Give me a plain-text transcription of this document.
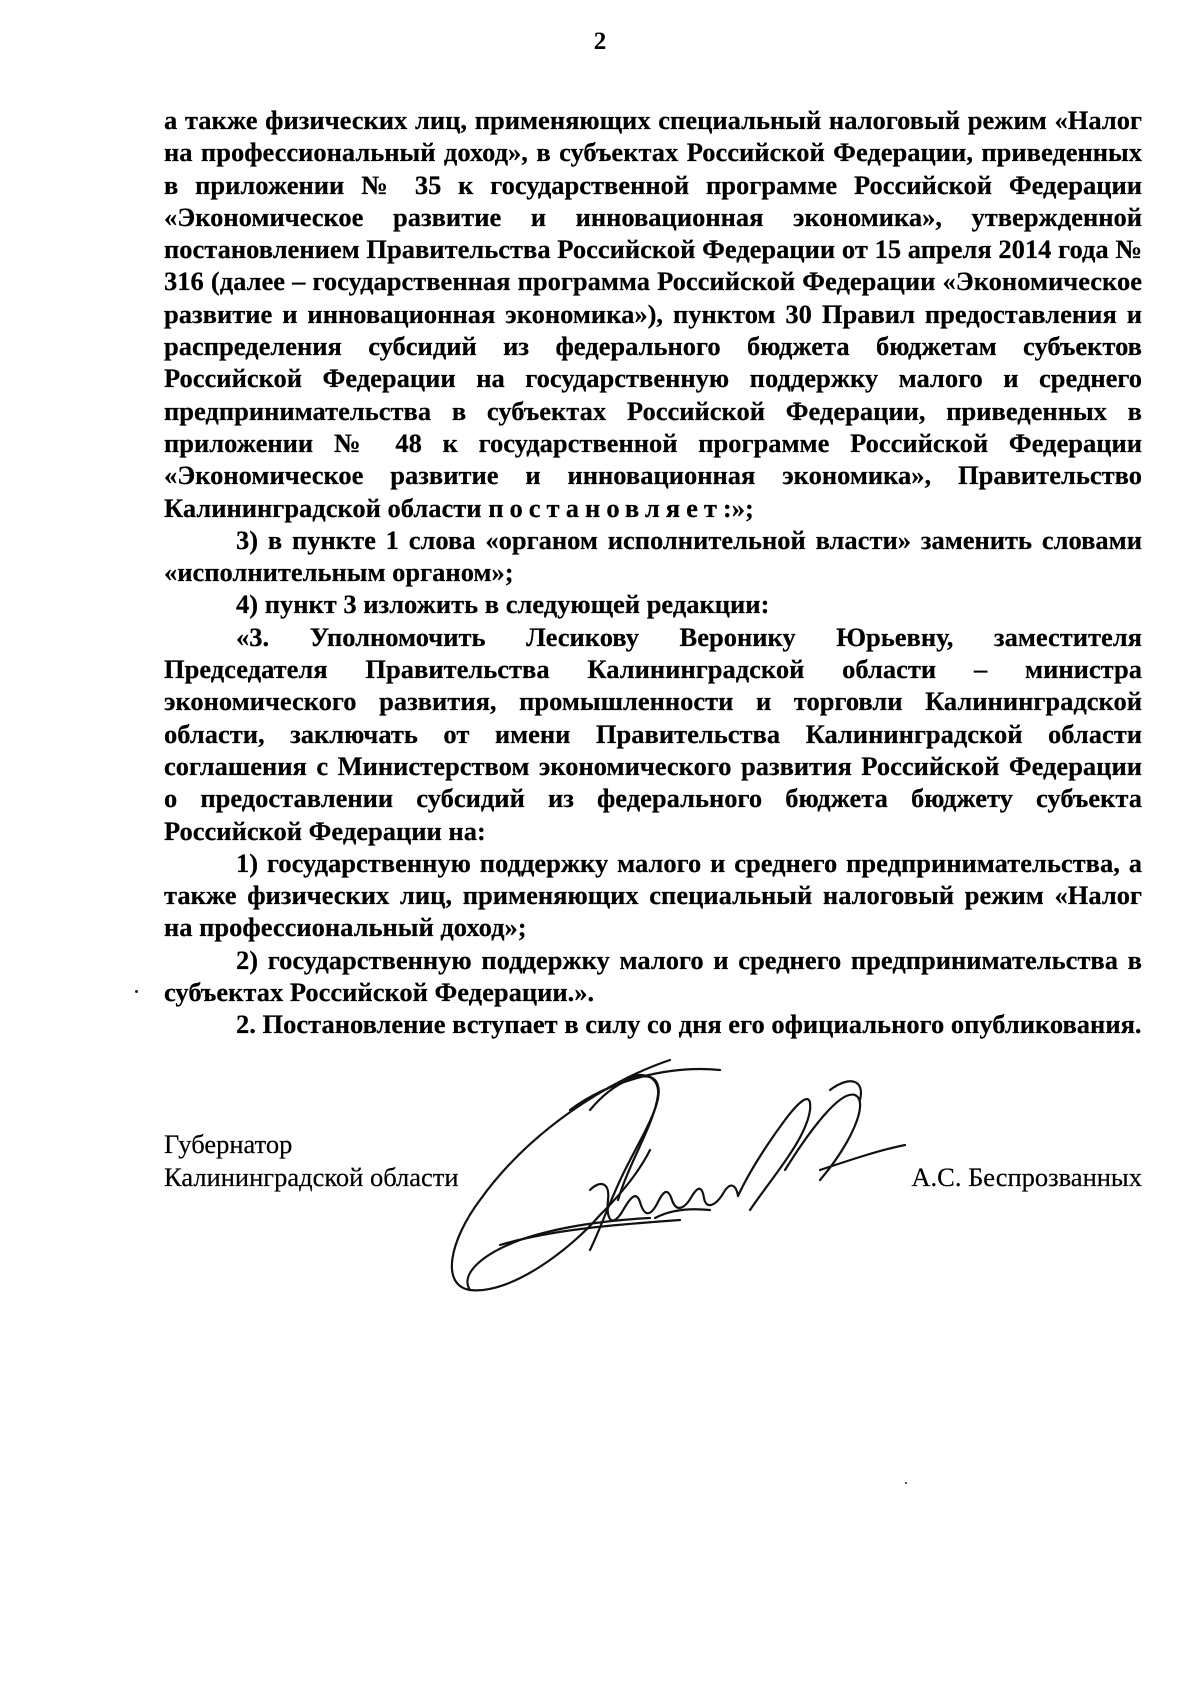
2

а также физических лиц, применяющих специальный налоговый режим «Налог на профессиональный доход», в субъектах Российской Федерации, приведенных в приложении № 35 к государственной программе Российской Федерации «Экономическое развитие и инновационная экономика», утвержденной постановлением Правительства Российской Федерации от 15 апреля 2014 года № 316 (далее – государственная программа Российской Федерации «Экономическое развитие и инновационная экономика»), пунктом 30 Правил предоставления и распределения субсидий из федерального бюджета бюджетам субъектов Российской Федерации на государственную поддержку малого и среднего предпринимательства в субъектах Российской Федерации, приведенных в приложении № 48 к государственной программе Российской Федерации «Экономическое развитие и инновационная экономика», Правительство Калининградской области постановляет:»;

3) в пункте 1 слова «органом исполнительной власти» заменить словами «исполнительным органом»;

4) пункт 3 изложить в следующей редакции:

«3. Уполномочить Лесикову Веронику Юрьевну, заместителя Председателя Правительства Калининградской области – министра экономического развития, промышленности и торговли Калининградской области, заключать от имени Правительства Калининградской области соглашения с Министерством экономического развития Российской Федерации о предоставлении субсидий из федерального бюджета бюджету субъекта Российской Федерации на:

1) государственную поддержку малого и среднего предпринимательства, а также физических лиц, применяющих специальный налоговый режим «Налог на профессиональный доход»;

2) государственную поддержку малого и среднего предпринимательства в субъектах Российской Федерации.».

2. Постановление вступает в силу со дня его официального опубликования.

Губернатор
Калининградской области	А.С. Беспрозванных
